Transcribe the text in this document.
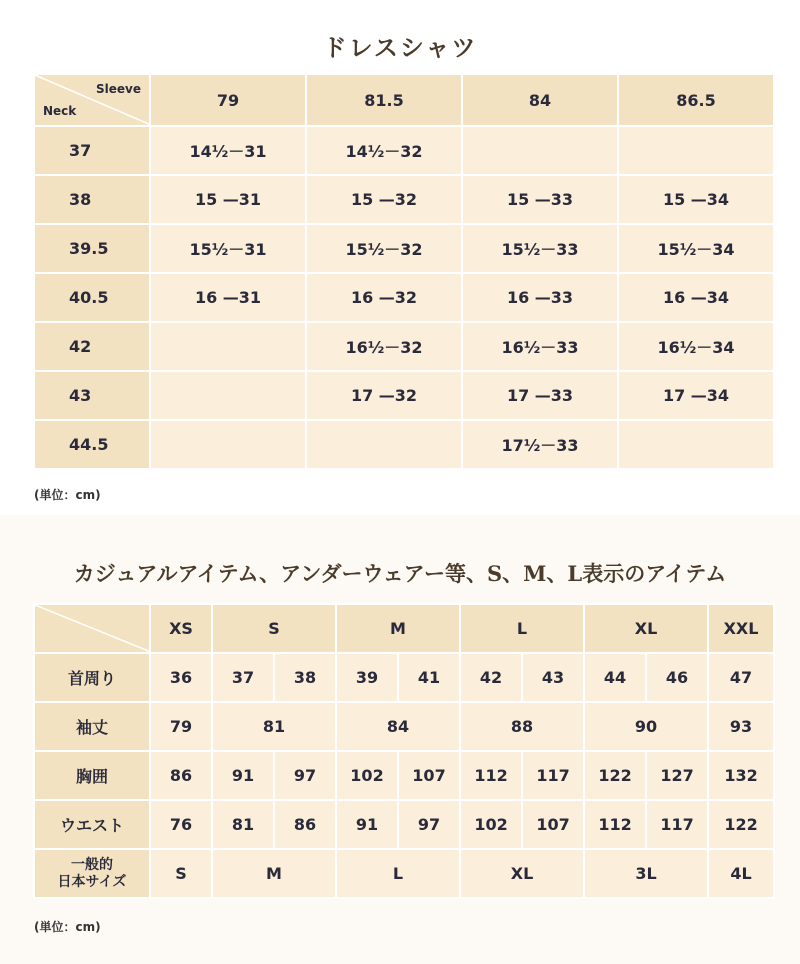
ドレスシャツ
Sleeve
Neck	79	81.5	84	86.5
37	14½－31	14½－32		
38	15 —31	15 —32	15 —33	15 —34
39.5	15½－31	15½－32	15½－33	15½－34
40.5	16 —31	16 —32	16 —33	16 —34
42		16½－32	16½－33	16½－34
43		17 —32	17 —33	17 —34
44.5			17½－33	
(単位：cm)
カジュアルアイテム、アンダーウェアー等、S、M、L表示のアイテム
	XS	S		M		L		XL		XXL
首周り	36	37	38	39	41	42	43	44	46	47
袖丈	79	81		84		88		90		93
胸囲	86	91	97	102	107	112	117	122	127	132
ウエスト	76	81	86	91	97	102	107	112	117	122

一般的
日本サイズ	S	M		L		XL		3L		4L
(単位：cm)
